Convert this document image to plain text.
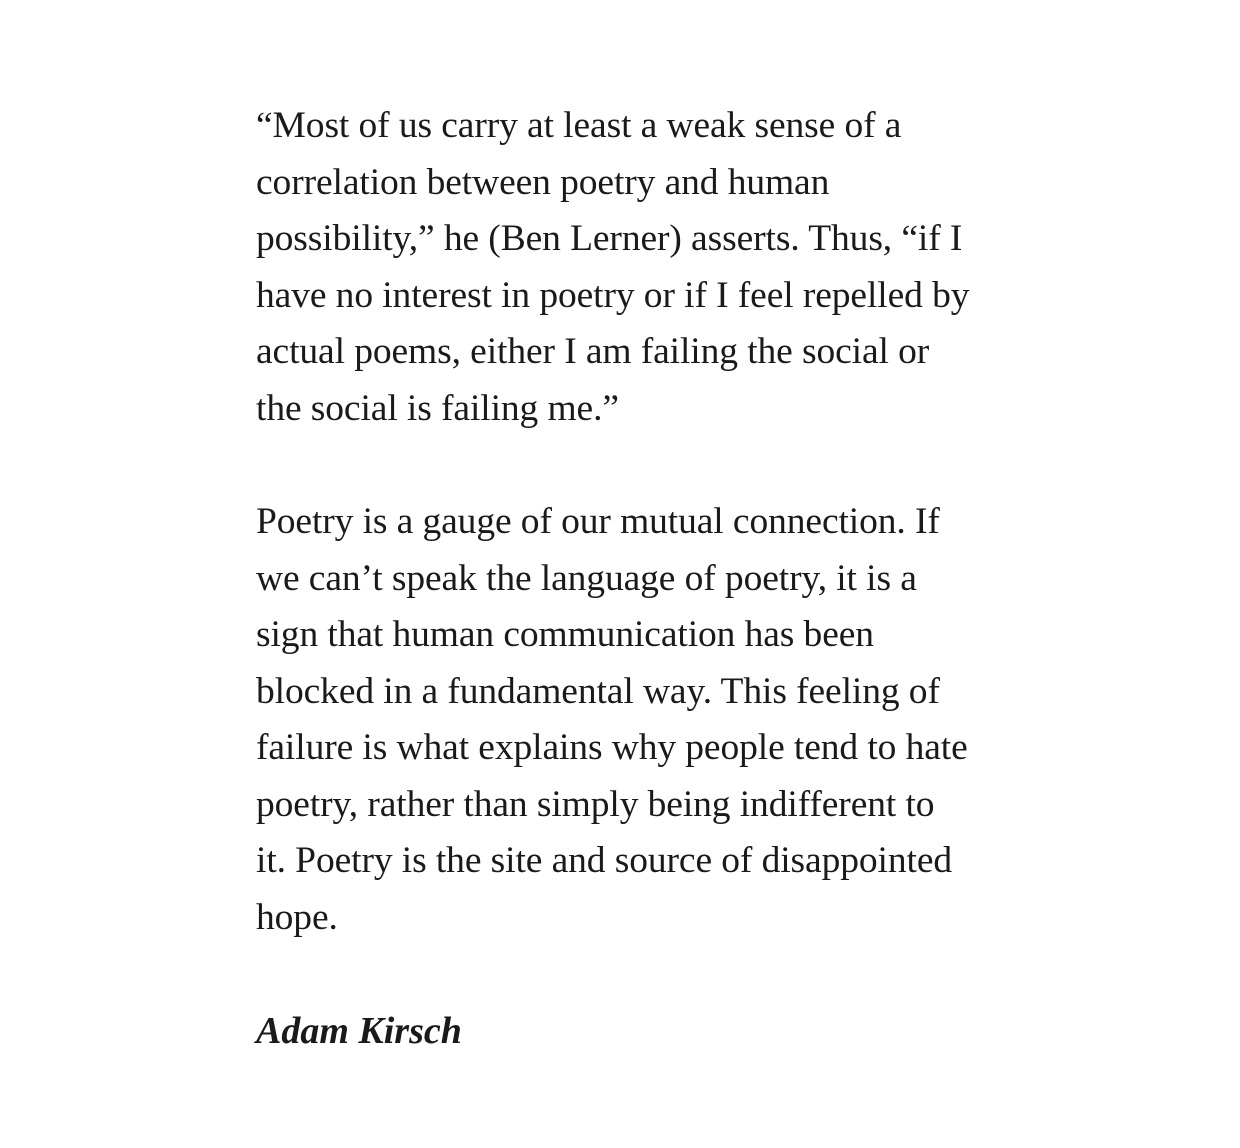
“Most of us carry at least a weak sense of a
correlation between poetry and human
possibility,” he (Ben Lerner) asserts. Thus, “if I
have no interest in poetry or if I feel repelled by
actual poems, either I am failing the social or
the social is failing me.”
Poetry is a gauge of our mutual connection. If
we can’t speak the language of poetry, it is a
sign that human communication has been
blocked in a fundamental way. This feeling of
failure is what explains why people tend to hate
poetry, rather than simply being indifferent to
it. Poetry is the site and source of disappointed
hope.
Adam Kirsch
